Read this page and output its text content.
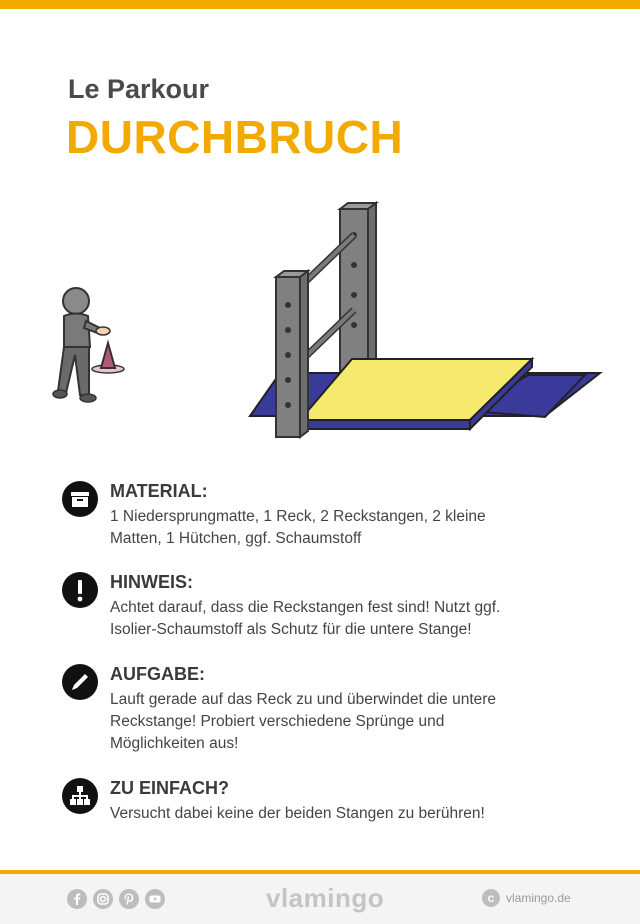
Le Parkour
DURCHBRUCH
MATERIAL:
1 Niedersprungmatte, 1 Reck, 2 Reckstangen, 2 kleine
Matten, 1 Hütchen, ggf. Schaumstoff
HINWEIS:
Achtet darauf, dass die Reckstangen fest sind! Nutzt ggf.
Isolier-Schaumstoff als Schutz für die untere Stange!
AUFGABE:
Lauft gerade auf das Reck zu und überwindet die untere
Reckstange! Probiert verschiedene Sprünge und
Möglichkeiten aus!
ZU EINFACH?
Versucht dabei keine der beiden Stangen zu berühren!
vlamingo	c vlamingo.de
